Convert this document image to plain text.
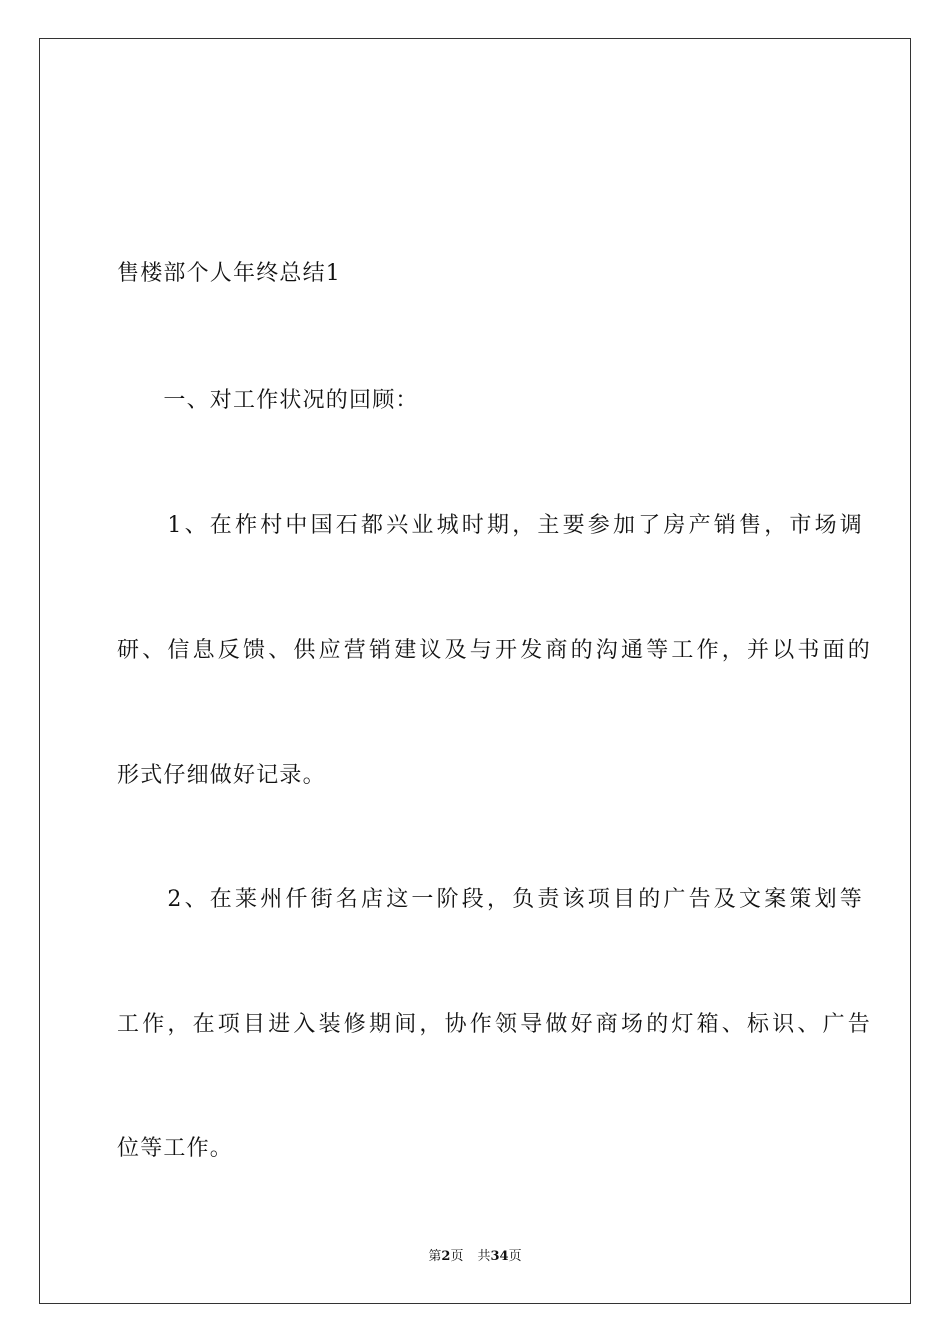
售楼部个人年终总结1
　　一、对工作状况的回顾：
　　1、在柞村中国石都兴业城时期，主要参加了房产销售，市场调
研、信息反馈、供应营销建议及与开发商的沟通等工作，并以书面的
形式仔细做好记录。
　　2、在莱州仟街名店这一阶段，负责该项目的广告及文案策划等
工作，在项目进入装修期间，协作领导做好商场的灯箱、标识、广告
位等工作。
第2页 共34页
